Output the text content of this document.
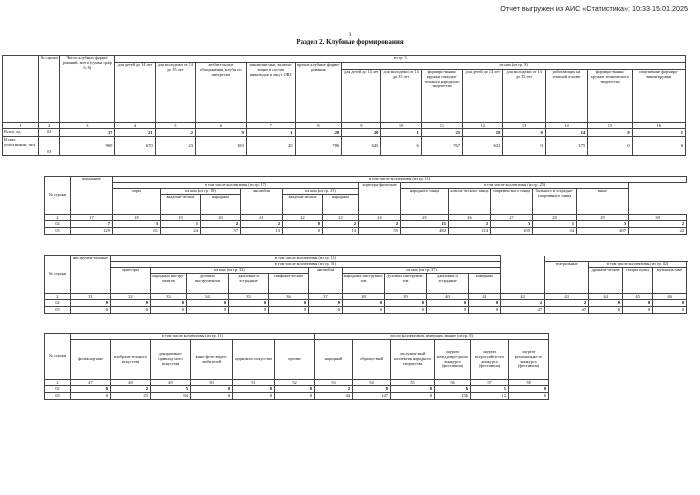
Отчет выгружен из АИС «Статистика»: 10:33 15.01.2025
3
Раздел 2. Клубные формирования
	№ строки	Число клубных форми-рований, всего (сумма граф 6, 8)	из гр. 3												
			для детей до 14 лет	для молодежи от 14 до 35 лет	любительские объединения, клубы по интересам	инклюзив-ные, включа-ющие в состав инвалидов и лиц с ОВЗ	прочие клубные форми-рования	из них (из гр. 8)							
								для детей до 14 лет	для молодежи от 14 до 35 лет	формиро-вания/ кружки самодея-тельного народного творчества	для детей до 14 лет	для молодежи от 14 до 35 лет	работающих на платной основе	формиро-вания/кружки технического творчества	спортивные формиро-вания/кружки
1	2	3	4	5	6	7	8	9	10	11	12	13	14	15	16
Всего, ед.	02	37	21	2	9	1	28	20	1	25	18	0	14	0	1
В них участников, чел.	03	969	670	23	183	20	786	645	6	767	632	0	375	0	6
№ строки	вокальные	в том числе коллективы (из гр. 11)												
		в том числе коллективы (из гр. 17)						хореогра-фические	в том числе коллективы (из гр. 25)					
		хоры	из них (из гр. 18)		ансамбли	из них (из гр. 21)			народного танца	класси-ческого танца	современ-ного танца	бального и эстрадно-спортивного танца	иные	
			академи-ческие	народные		академи-ческие	народные							
2	17	18	19	20	21	22	23	24	25	26	27	28	29	30
02	7	3	1	2	2	0	2	2	11	2	3	1	3	2
03	129	61	24	37	13	0	13	55	482	114	105	34	207	22
№ строки	инструмен-тальные	в том числе коллективы (из гр. 11)															
		в том числе коллективы (из гр. 31)											театральные	в том числе коллективы (из гр. 42)			
		оркестры	из них (из гр. 32)				ансамбли	из них (из гр. 37)						драмати-ческие	театры кукол	музыкаль-ные	
			народных инстру-ментов	духовых инструментов	джазовые и эстрадные	симфони-ческие		народных инструмен-тов	духовых инструмен-тов	джазовые и эстрадные	камерные						
2	31	32	33	34	35	36	37	38	39	40	41	42	43	44	45	46	
02	0	0	0	0	0	0	0	0	0	0	0	2	2	0	0	0	
03	0	0	0	0	0	0	0	0	0	0	0	47	47	0	0	0	
№ строки	в том числе коллективы (из гр. 11)						число коллективов, имеющих звание (из гр. 8)					
	фольклор-ные	изобрази-тельного искусства	декоративно-приклад-ного искусства	кино-фото-видео-любителей	циркового искусства	прочие	народный	образцо-вый	заслужен-ный коллектив народного творчества	лауреат междунаро-дного конкурса (фестиваля)	лауреат всероссийск-ого конкурса (фестиваля)	лауреат регионально-го конкурса (фестиваля)
2	47	48	49	50	51	52	53	54	55	56	57	58
02	0	2	5	0	0	0	2	8	0	6	1	0
03	0	25	84	0	0	0	44	147	0	156	12	0
